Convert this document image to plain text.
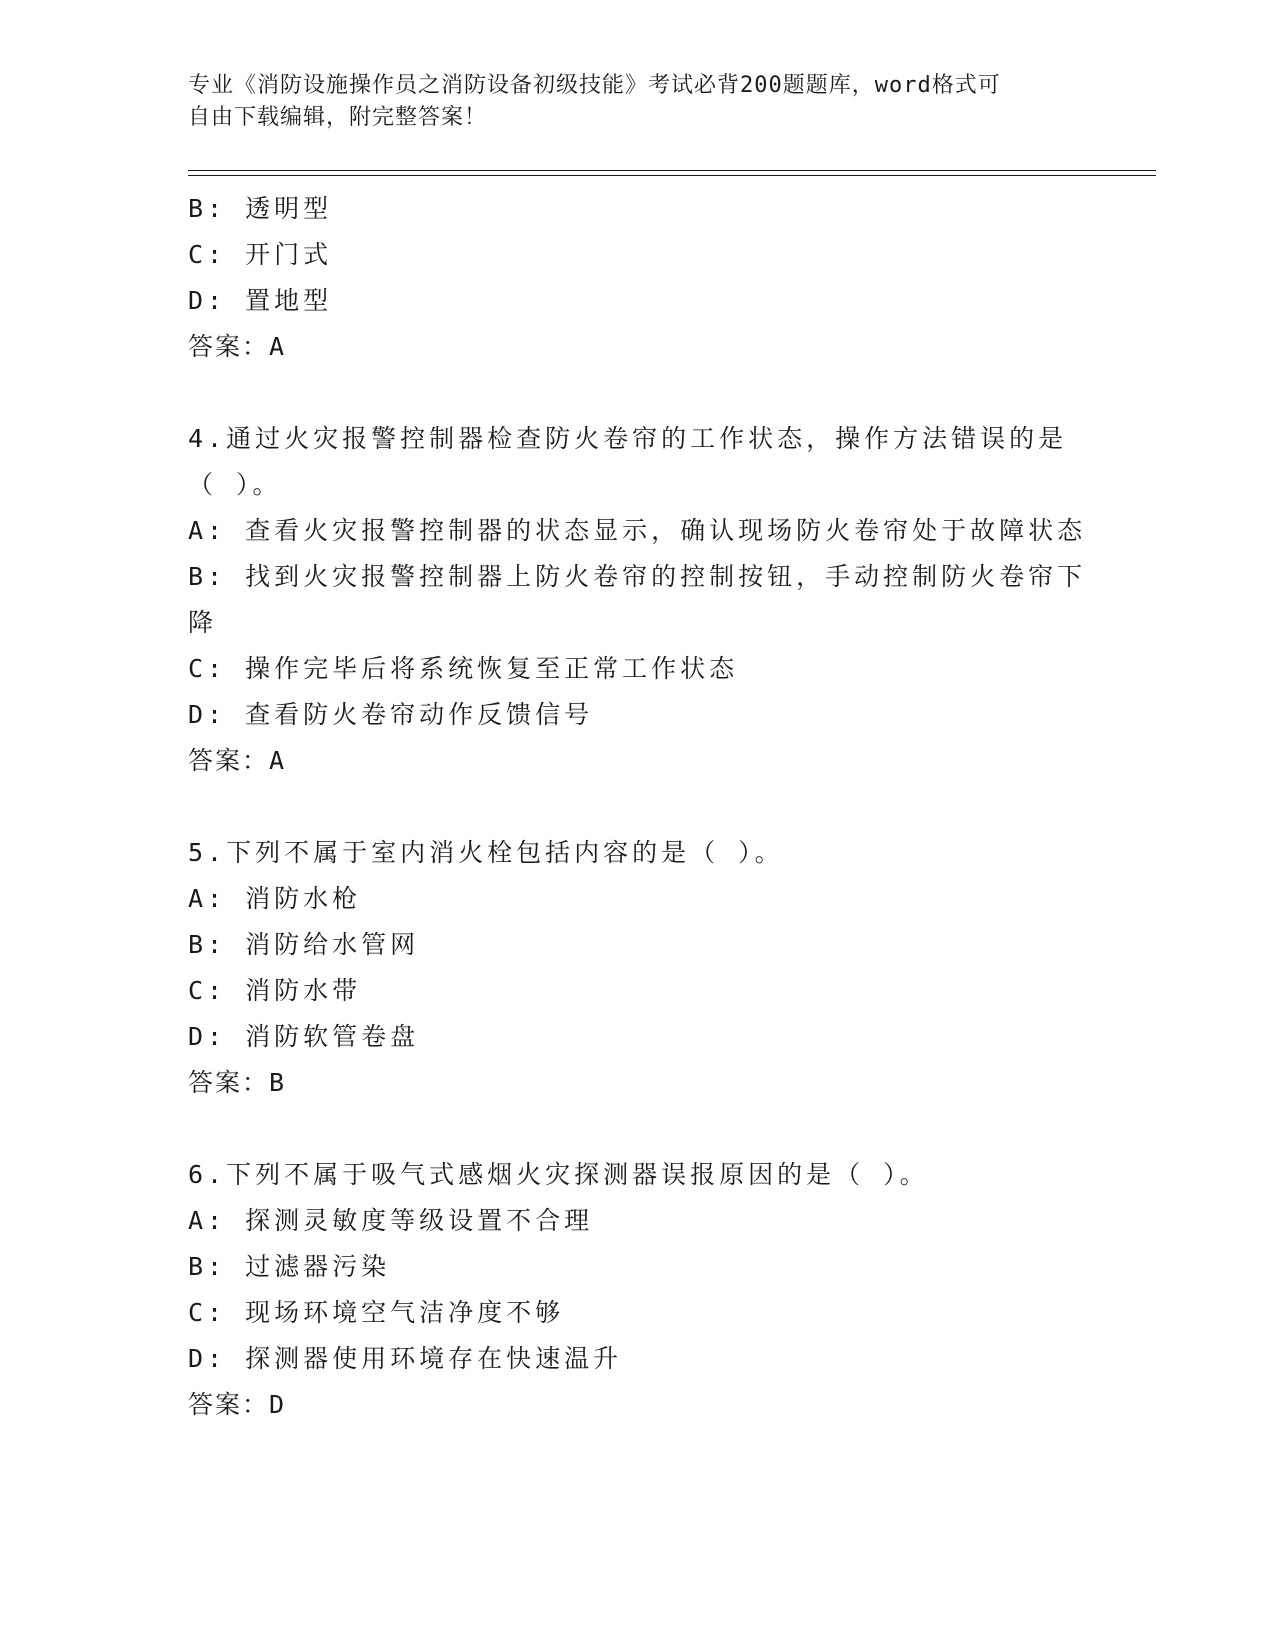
专业《消防设施操作员之消防设备初级技能》考试必背200题题库，word格式可
自由下载编辑，附完整答案！
B: 透明型
C: 开门式
D: 置地型
答案：A
4.通过火灾报警控制器检查防火卷帘的工作状态，操作方法错误的是
（ ）。
A: 查看火灾报警控制器的状态显示，确认现场防火卷帘处于故障状态
B: 找到火灾报警控制器上防火卷帘的控制按钮，手动控制防火卷帘下
降
C: 操作完毕后将系统恢复至正常工作状态
D: 查看防火卷帘动作反馈信号
答案：A
5.下列不属于室内消火栓包括内容的是（ ）。
A: 消防水枪
B: 消防给水管网
C: 消防水带
D: 消防软管卷盘
答案：B
6.下列不属于吸气式感烟火灾探测器误报原因的是（ ）。
A: 探测灵敏度等级设置不合理
B: 过滤器污染
C: 现场环境空气洁净度不够
D: 探测器使用环境存在快速温升
答案：D
